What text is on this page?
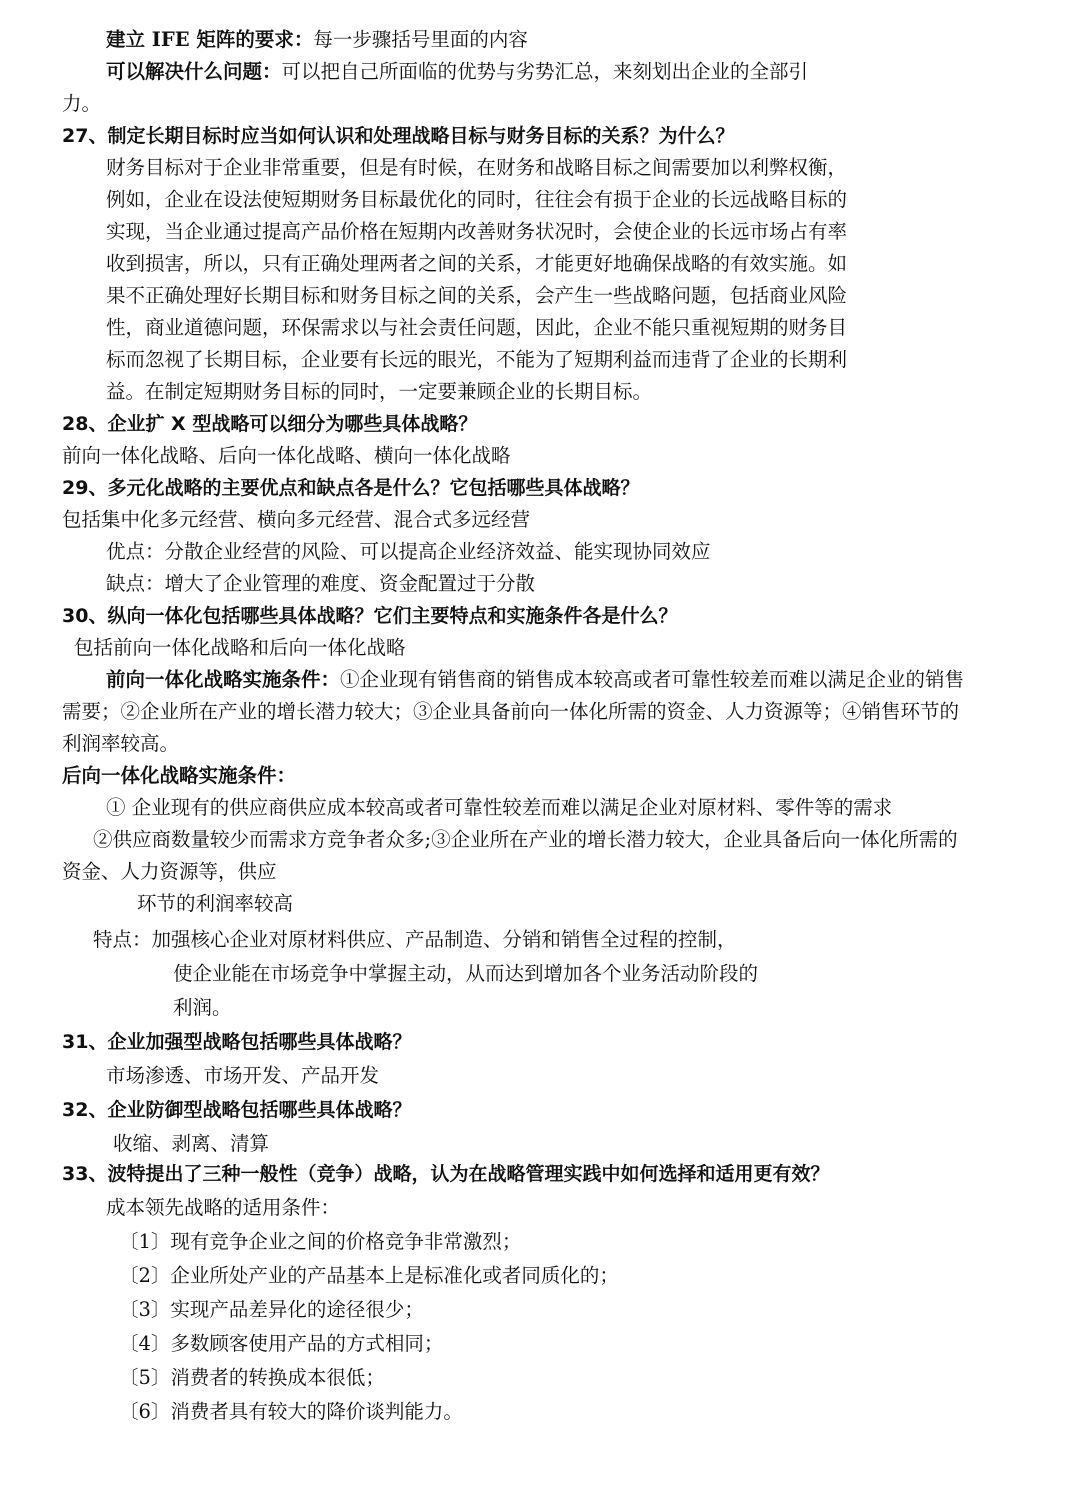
建立 IFE 矩阵的要求：每一步骤括号里面的内容
可以解决什么问题：可以把自己所面临的优势与劣势汇总，来刻划出企业的全部引
力。
27、制定长期目标时应当如何认识和处理战略目标与财务目标的关系？为什么？
财务目标对于企业非常重要，但是有时候，在财务和战略目标之间需要加以利弊权衡，
例如，企业在设法使短期财务目标最优化的同时，往往会有损于企业的长远战略目标的
实现，当企业通过提高产品价格在短期内改善财务状况时，会使企业的长远市场占有率
收到损害，所以，只有正确处理两者之间的关系，才能更好地确保战略的有效实施。如
果不正确处理好长期目标和财务目标之间的关系，会产生一些战略问题，包括商业风险
性，商业道德问题，环保需求以与社会责任问题，因此，企业不能只重视短期的财务目
标而忽视了长期目标，企业要有长远的眼光，不能为了短期利益而违背了企业的长期利
益。在制定短期财务目标的同时，一定要兼顾企业的长期目标。
28、企业扩 X 型战略可以细分为哪些具体战略？
前向一体化战略、后向一体化战略、横向一体化战略
29、多元化战略的主要优点和缺点各是什么？它包括哪些具体战略？
包括集中化多元经营、横向多元经营、混合式多远经营
优点：分散企业经营的风险、可以提高企业经济效益、能实现协同效应
缺点：增大了企业管理的难度、资金配置过于分散
30、纵向一体化包括哪些具体战略？它们主要特点和实施条件各是什么？
包括前向一体化战略和后向一体化战略
前向一体化战略实施条件：①企业现有销售商的销售成本较高或者可靠性较差而难以满足企业的销售
需要；②企业所在产业的增长潜力较大；③企业具备前向一体化所需的资金、人力资源等；④销售环节的
利润率较高。
后向一体化战略实施条件：
① 企业现有的供应商供应成本较高或者可靠性较差而难以满足企业对原材料、零件等的需求
②供应商数量较少而需求方竞争者众多;③企业所在产业的增长潜力较大，企业具备后向一体化所需的
资金、人力资源等，供应
环节的利润率较高
特点：加强核心企业对原材料供应、产品制造、分销和销售全过程的控制，
使企业能在市场竞争中掌握主动，从而达到增加各个业务活动阶段的
利润。
31、企业加强型战略包括哪些具体战略？
市场渗透、市场开发、产品开发
32、企业防御型战略包括哪些具体战略？
收缩、剥离、清算
33、波特提出了三种一般性（竞争）战略，认为在战略管理实践中如何选择和适用更有效？
成本领先战略的适用条件：
〔1〕现有竞争企业之间的价格竞争非常激烈；
〔2〕企业所处产业的产品基本上是标准化或者同质化的；
〔3〕实现产品差异化的途径很少；
〔4〕多数顾客使用产品的方式相同；
〔5〕消费者的转换成本很低；
〔6〕消费者具有较大的降价谈判能力。
